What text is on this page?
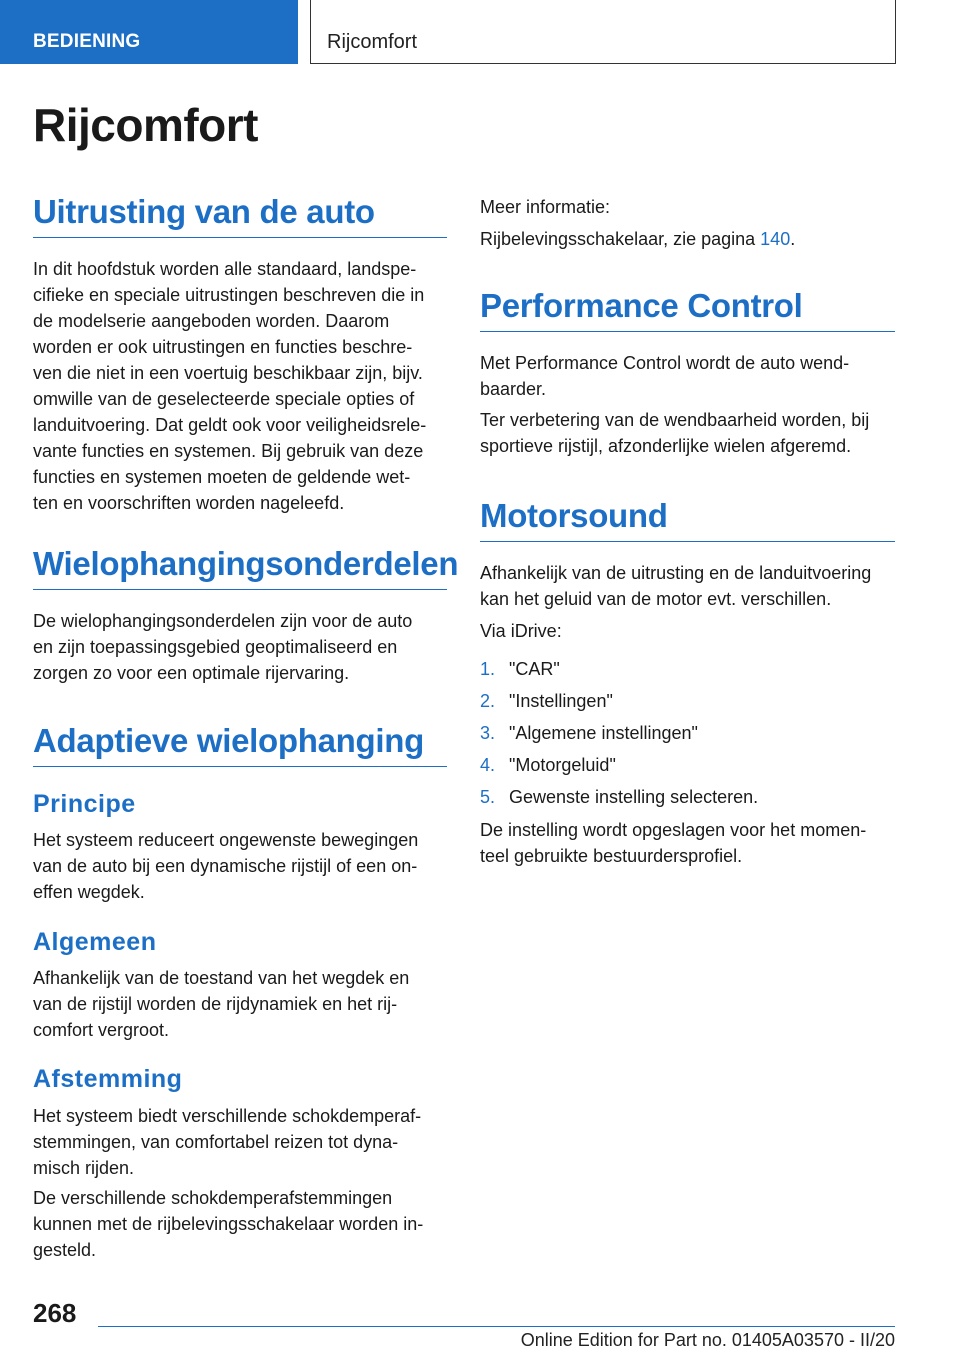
BEDIENING	Rijcomfort
Rijcomfort
Uitrusting van de auto

In dit hoofdstuk worden alle standaard, landspe-
cifieke en speciale uitrustingen beschreven die in
de modelserie aangeboden worden. Daarom
worden er ook uitrustingen en functies beschre-
ven die niet in een voertuig beschikbaar zijn, bijv.
omwille van de geselecteerde speciale opties of
landuitvoering. Dat geldt ook voor veiligheidsrele-
vante functies en systemen. Bij gebruik van deze
functies en systemen moeten de geldende wet-
ten en voorschriften worden nageleefd.

Wielophangingsonderdelen

De wielophangingsonderdelen zijn voor de auto
en zijn toepassingsgebied geoptimaliseerd en
zorgen zo voor een optimale rijervaring.

Adaptieve wielophanging
Principe

Het systeem reduceert ongewenste bewegingen
van de auto bij een dynamische rijstijl of een on-
effen wegdek.

Algemeen

Afhankelijk van de toestand van het wegdek en
van de rijstijl worden de rijdynamiek en het rij-
comfort vergroot.

Afstemming

Het systeem biedt verschillende schokdemperaf-
stemmingen, van comfortabel reizen tot dyna-
misch rijden.

De verschillende schokdemperafstemmingen
kunnen met de rijbelevingsschakelaar worden in-
gesteld.

Meer informatie:

Rijbelevingsschakelaar, zie pagina 140.

Performance Control

Met Performance Control wordt de auto wend-
baarder.

Ter verbetering van de wendbaarheid worden, bij
sportieve rijstijl, afzonderlijke wielen afgeremd.

Motorsound

Afhankelijk van de uitrusting en de landuitvoering
kan het geluid van de motor evt. verschillen.

Via iDrive:

1. "CAR"
2. "Instellingen"
3. "Algemene instellingen"
4. "Motorgeluid"
5. Gewenste instelling selecteren.

De instelling wordt opgeslagen voor het momen-
teel gebruikte bestuurdersprofiel.

268
Online Edition for Part no. 01405A03570 - II/20
